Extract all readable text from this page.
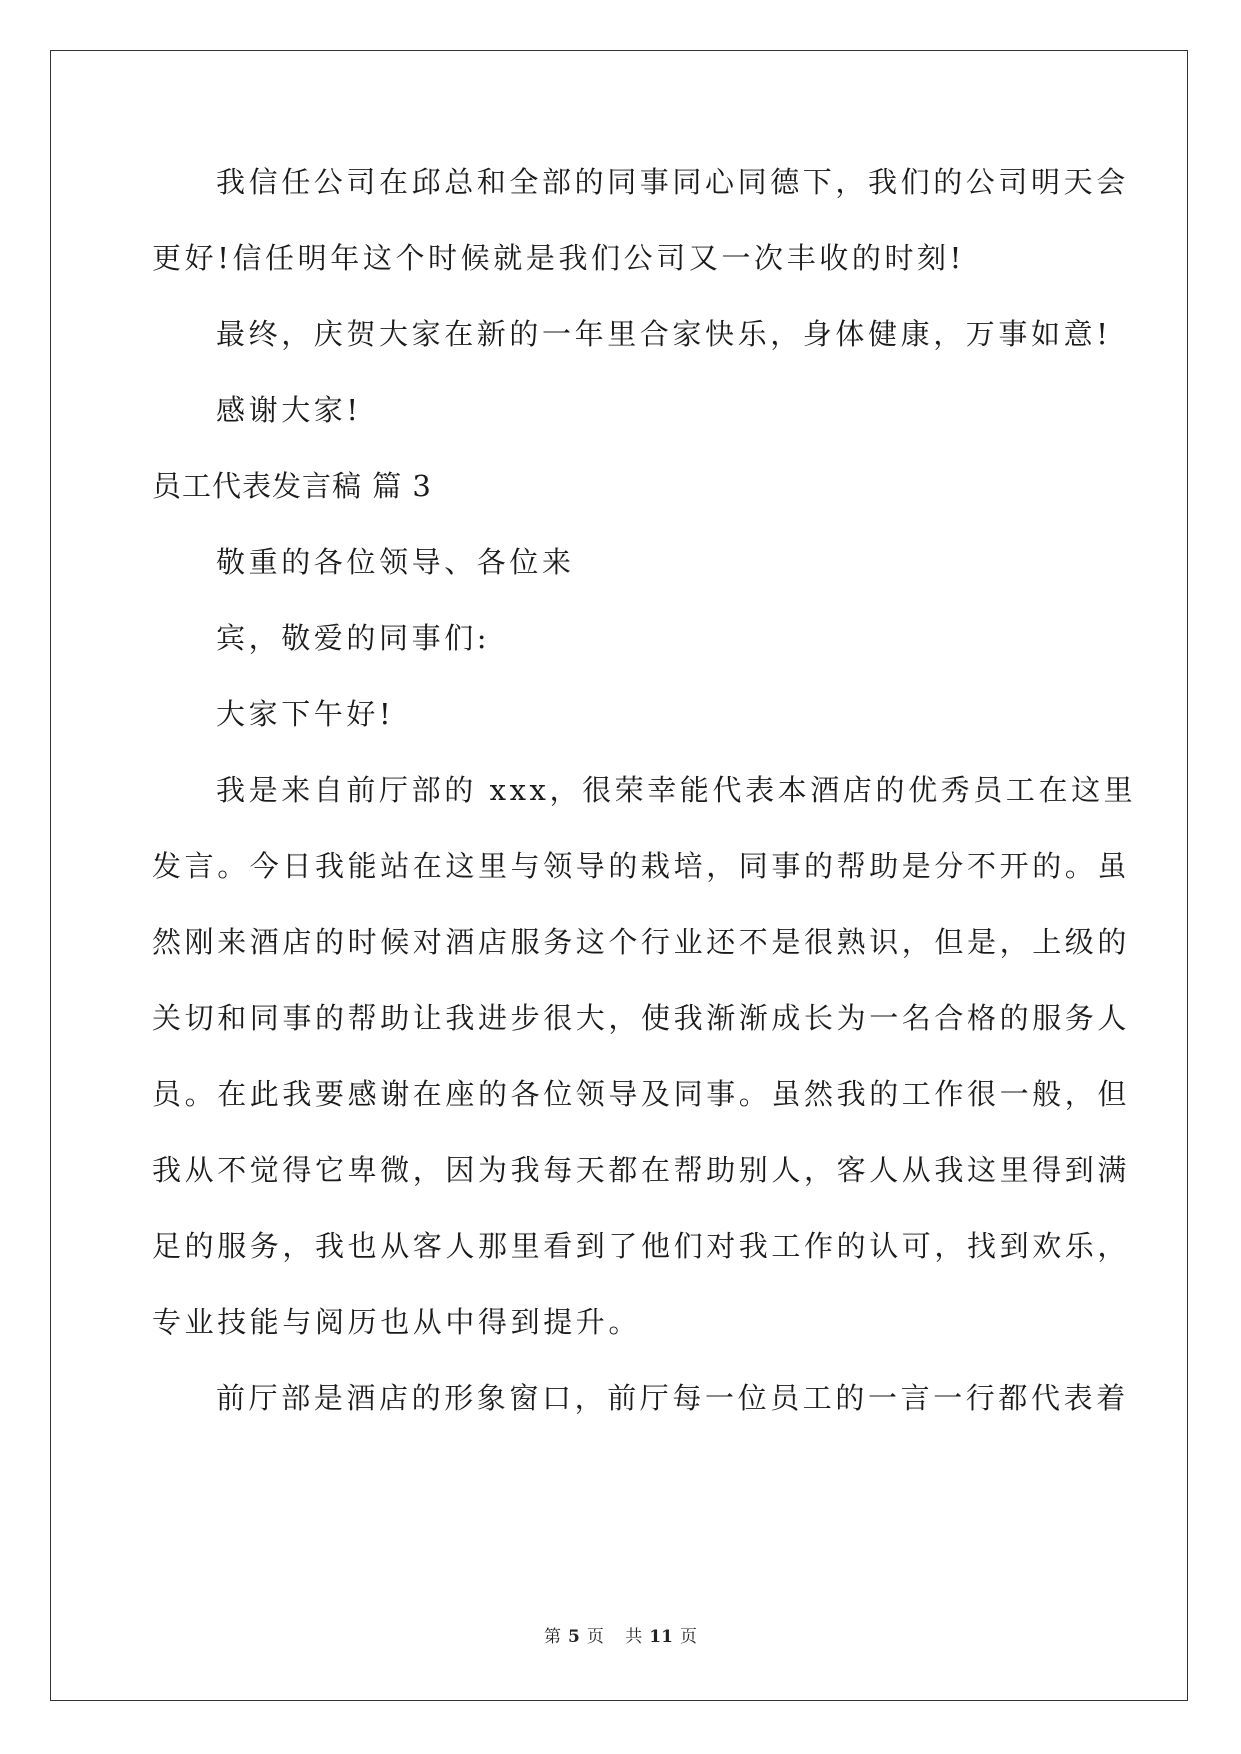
我信任公司在邱总和全部的同事同心同德下，我们的公司明天会
更好!信任明年这个时候就是我们公司又一次丰收的时刻!
最终，庆贺大家在新的一年里合家快乐，身体健康，万事如意!
感谢大家!
员工代表发言稿 篇 3
敬重的各位领导、各位来
宾，敬爱的同事们:
大家下午好!
我是来自前厅部的 xxx，很荣幸能代表本酒店的优秀员工在这里
发言。今日我能站在这里与领导的栽培，同事的帮助是分不开的。虽
然刚来酒店的时候对酒店服务这个行业还不是很熟识，但是，上级的
关切和同事的帮助让我进步很大，使我渐渐成长为一名合格的服务人
员。在此我要感谢在座的各位领导及同事。虽然我的工作很一般，但
我从不觉得它卑微，因为我每天都在帮助别人，客人从我这里得到满
足的服务，我也从客人那里看到了他们对我工作的认可，找到欢乐，
专业技能与阅历也从中得到提升。
前厅部是酒店的形象窗口，前厅每一位员工的一言一行都代表着
第 5 页 共 11 页
